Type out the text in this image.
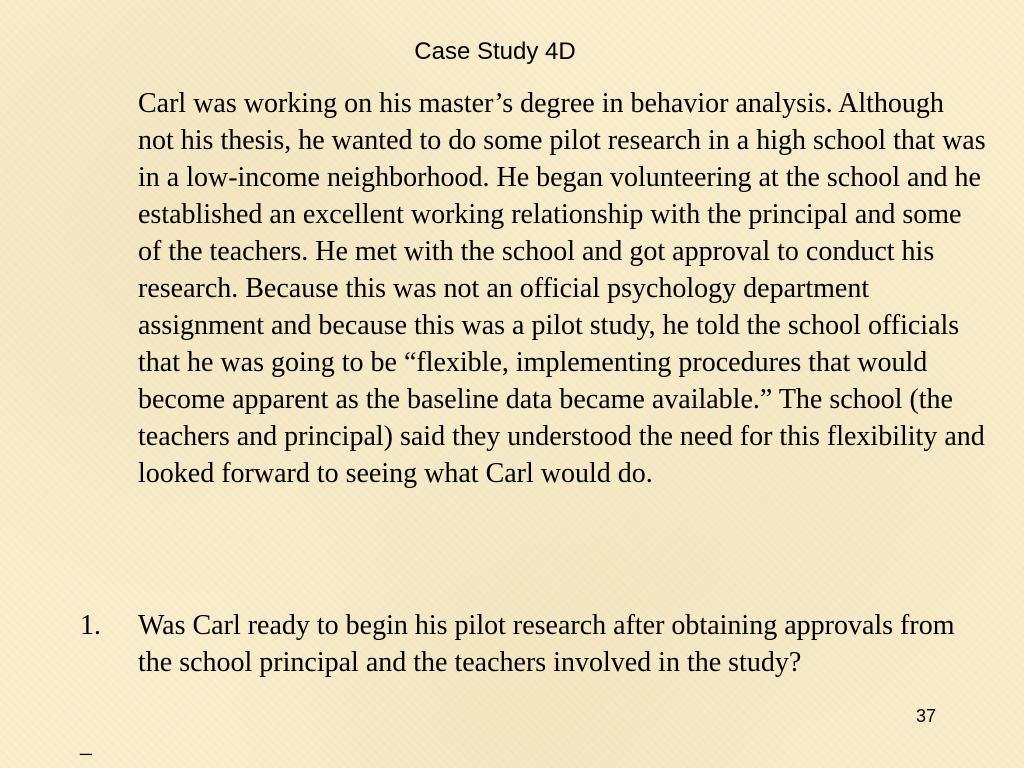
Case Study 4D

Carl was working on his master’s degree in behavior analysis. Although not his thesis, he wanted to do some pilot research in a high school that was in a low-income neighborhood. He began volunteering at the school and he established an excellent working relationship with the principal and some of the teachers. He met with the school and got approval to conduct his research. Because this was not an official psychology department assignment and because this was a pilot study, he told the school officials that he was going to be “flexible, implementing procedures that would become apparent as the baseline data became available.” The school (the teachers and principal) said they understood the need for this flexibility and looked forward to seeing what Carl would do.

1.	Was Carl ready to begin his pilot research after obtaining approvals from the school principal and the teachers involved in the study?
37
_
